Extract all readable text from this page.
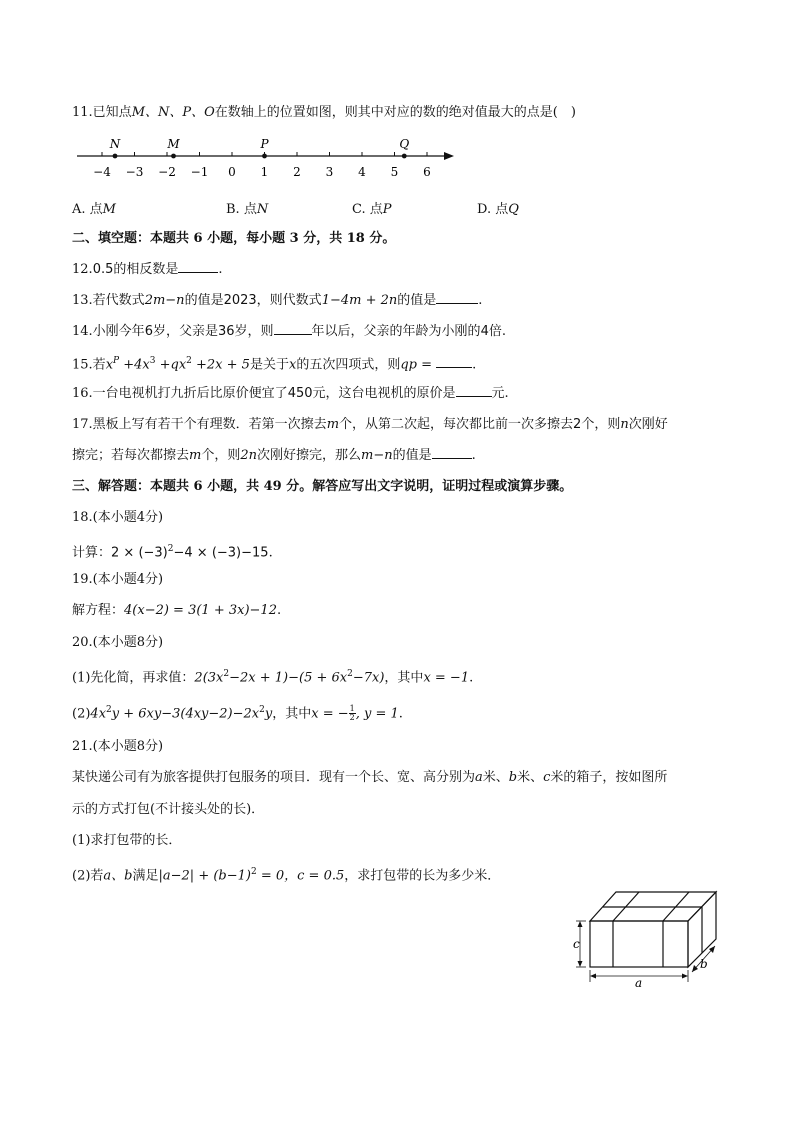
11.已知点M、N、P、O在数轴上的位置如图，则其中对应的数的绝对值最大的点是(　)
−4 −3 −2 −1 0 1 2 3 4 5 6
N	M	P	Q
A. 点M	B. 点N	C. 点P	D. 点Q
二、填空题：本题共 6 小题，每小题 3 分，共 18 分。
12.0.5的相反数是	.
13.若代数式2m−n的值是2023，则代数式1−4m + 2n的值是	.
14.小刚今年6岁，父亲是36岁，则	年以后，父亲的年龄为小刚的4倍.
15.若$x^P +4x^3 +qx^2 +2x + 5$是关于x的五次四项式，则qp =	.
16.一台电视机打九折后比原价便宜了450元，这台电视机的原价是	元.
17.黑板上写有若干个有理数．若第一次擦去m个，从第二次起，每次都比前一次多擦去2个，则n次刚好
擦完；若每次都擦去m个，则2n次刚好擦完，那么m−n的值是	.
三、解答题：本题共 6 小题，共 49 分。解答应写出文字说明，证明过程或演算步骤。
18.(本小题4分)
计算：$2 \times (-3)^2-4 \times (-3)-15$.
19.(本小题4分)
解方程：4(x−2) = 3(1 + 3x)−12.
20.(本小题8分)
(1)先化简，再求值：$2(3x^2-2x + 1)-(5 + 6x^2-7x)$，其中x = −1.
$(2)4x^2y + 6xy-3(4xy-2)-2x^2y$，其中x = − $\frac{1}{2}$ , y = 1.
21.(本小题8分)
某快递公司有为旅客提供打包服务的项目．现有一个长、宽、高分别为a米、b米、c米的箱子，按如图所
示的方式打包(不计接头处的长)．
(1)求打包带的长．
(2)若a、b满足$|a-2| + (b-1)^2 = 0$，c = 0.5，求打包带的长为多少米．
c
a
b
